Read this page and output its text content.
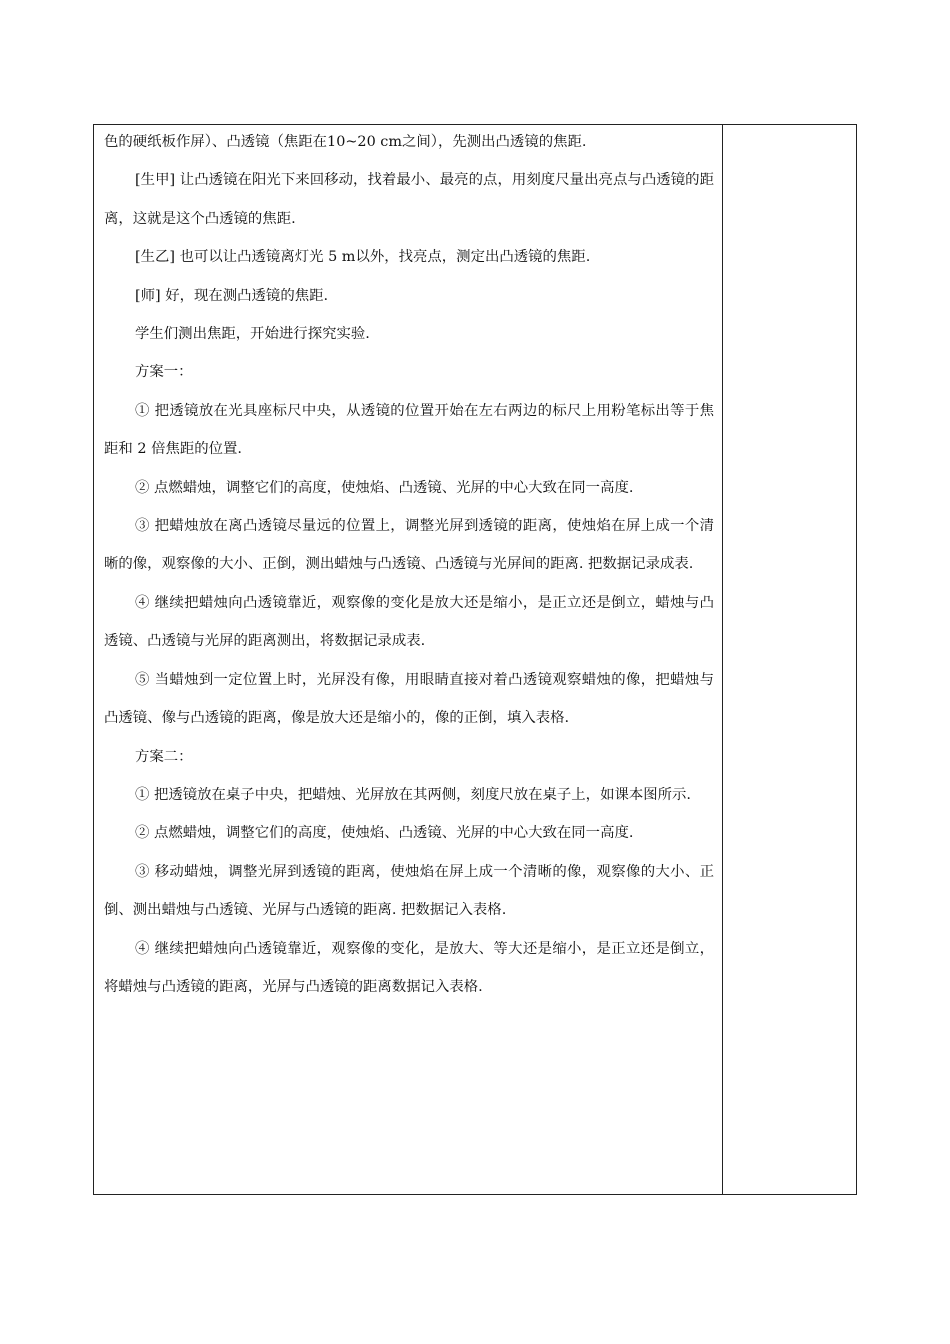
色的硬纸板作屏）、凸透镜（焦距在10~20 cm之间），先测出凸透镜的焦距.

[生甲] 让凸透镜在阳光下来回移动，找着最小、最亮的点，用刻度尺量出亮点与凸透镜的距离，这就是这个凸透镜的焦距.

[生乙] 也可以让凸透镜离灯光 5 m以外，找亮点，测定出凸透镜的焦距.

[师] 好，现在测凸透镜的焦距.

学生们测出焦距，开始进行探究实验.

方案一：

① 把透镜放在光具座标尺中央，从透镜的位置开始在左右两边的标尺上用粉笔标出等于焦距和 2 倍焦距的位置.

② 点燃蜡烛，调整它们的高度，使烛焰、凸透镜、光屏的中心大致在同一高度.

③ 把蜡烛放在离凸透镜尽量远的位置上，调整光屏到透镜的距离，使烛焰在屏上成一个清晰的像，观察像的大小、正倒，测出蜡烛与凸透镜、凸透镜与光屏间的距离. 把数据记录成表.

④ 继续把蜡烛向凸透镜靠近，观察像的变化是放大还是缩小，是正立还是倒立，蜡烛与凸透镜、凸透镜与光屏的距离测出，将数据记录成表.

⑤ 当蜡烛到一定位置上时，光屏没有像，用眼睛直接对着凸透镜观察蜡烛的像，把蜡烛与凸透镜、像与凸透镜的距离，像是放大还是缩小的，像的正倒，填入表格.

方案二：

① 把透镜放在桌子中央，把蜡烛、光屏放在其两侧，刻度尺放在桌子上，如课本图所示.

② 点燃蜡烛，调整它们的高度，使烛焰、凸透镜、光屏的中心大致在同一高度.

③ 移动蜡烛，调整光屏到透镜的距离，使烛焰在屏上成一个清晰的像，观察像的大小、正倒、测出蜡烛与凸透镜、光屏与凸透镜的距离. 把数据记入表格.

④ 继续把蜡烛向凸透镜靠近，观察像的变化，是放大、等大还是缩小，是正立还是倒立，将蜡烛与凸透镜的距离，光屏与凸透镜的距离数据记入表格.
